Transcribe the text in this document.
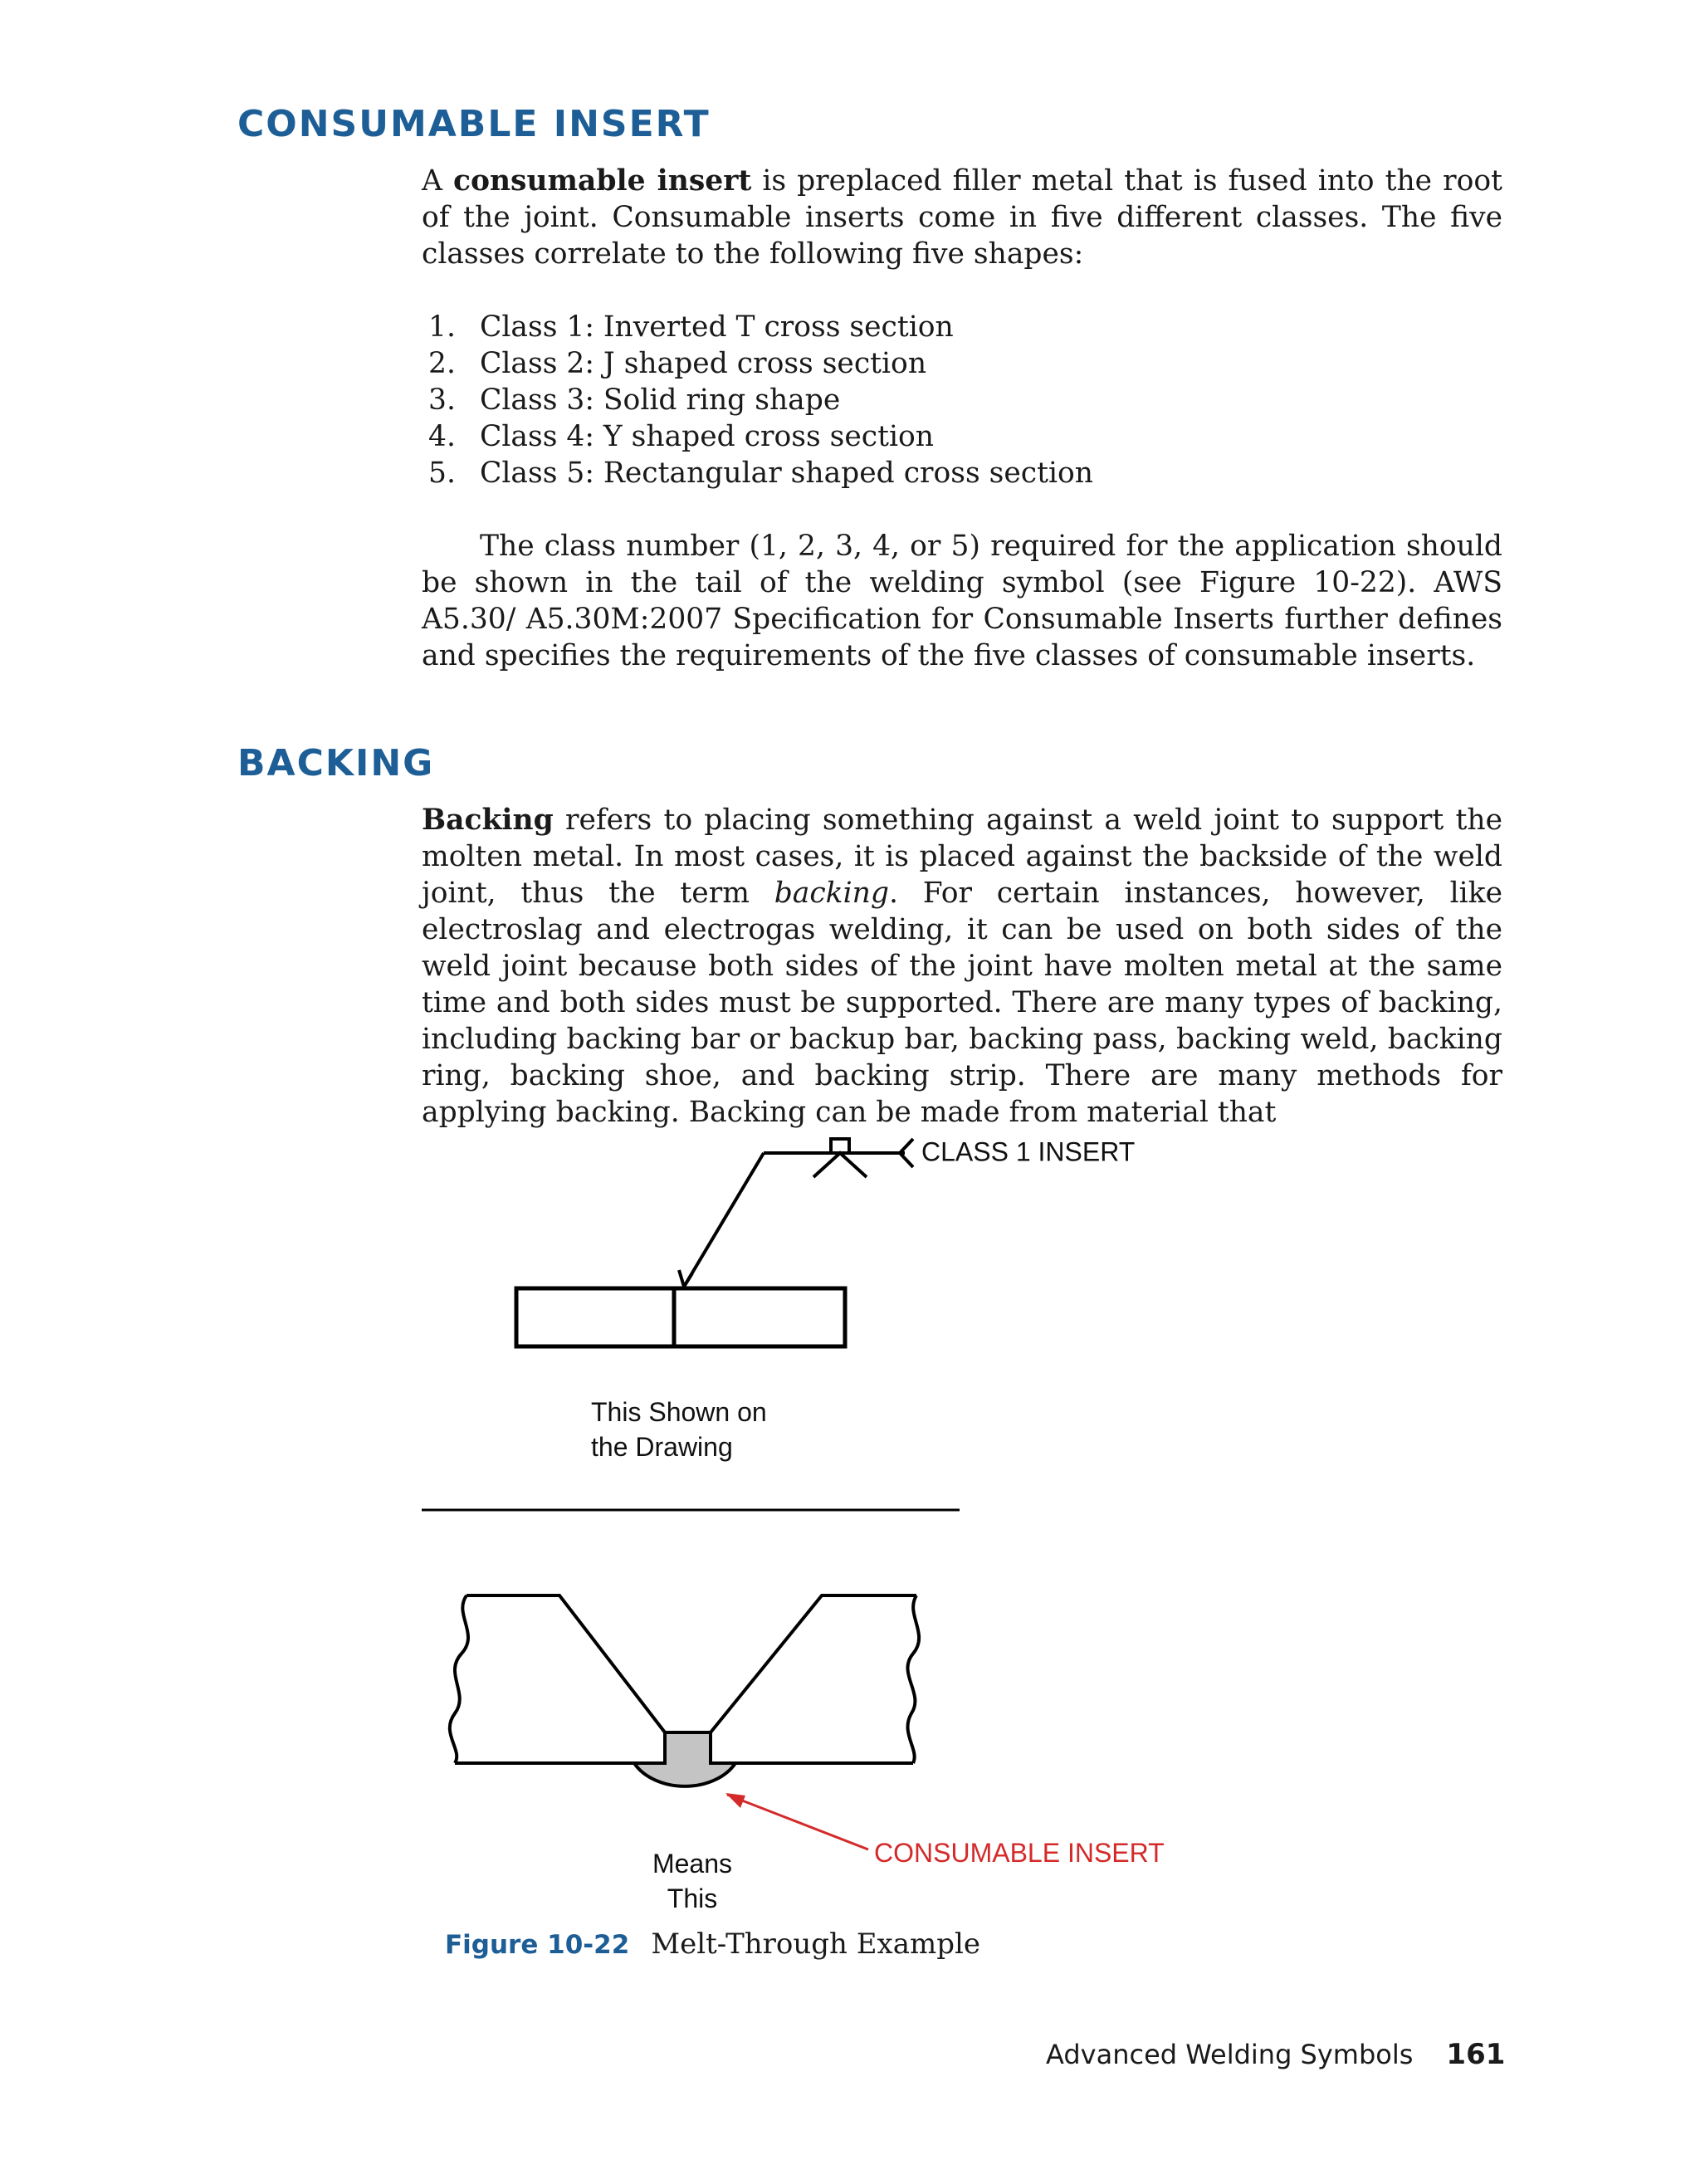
CONSUMABLE INSERT

A consumable insert is preplaced filler metal that is fused into the root of the joint. Consumable inserts come in five different classes. The five classes correlate to the following five shapes:

1. Class 1: Inverted T cross section
2. Class 2: J shaped cross section
3. Class 3: Solid ring shape
4. Class 4: Y shaped cross section
5. Class 5: Rectangular shaped cross section

The class number (1, 2, 3, 4, or 5) required for the application should be shown in the tail of the welding symbol (see Figure 10-22). AWS A5.30/ A5.30M:2007 Specification for Consumable Inserts further defines and specifies the requirements of the five classes of consumable inserts.

BACKING

Backing refers to placing something against a weld joint to support the molten metal. In most cases, it is placed against the backside of the weld joint, thus the term backing. For certain instances, however, like electroslag and electrogas welding, it can be used on both sides of the weld joint because both sides of the joint have molten metal at the same time and both sides must be supported. There are many types of backing, including backing bar or backup bar, backing pass, backing weld, backing ring, backing shoe, and backing strip. There are many methods for applying backing. Backing can be made from material that

CLASS 1 INSERT
This Shown on
the Drawing
CONSUMABLE INSERT
Means
This

Figure 10-22 Melt-Through Example

Advanced Welding Symbols 161
